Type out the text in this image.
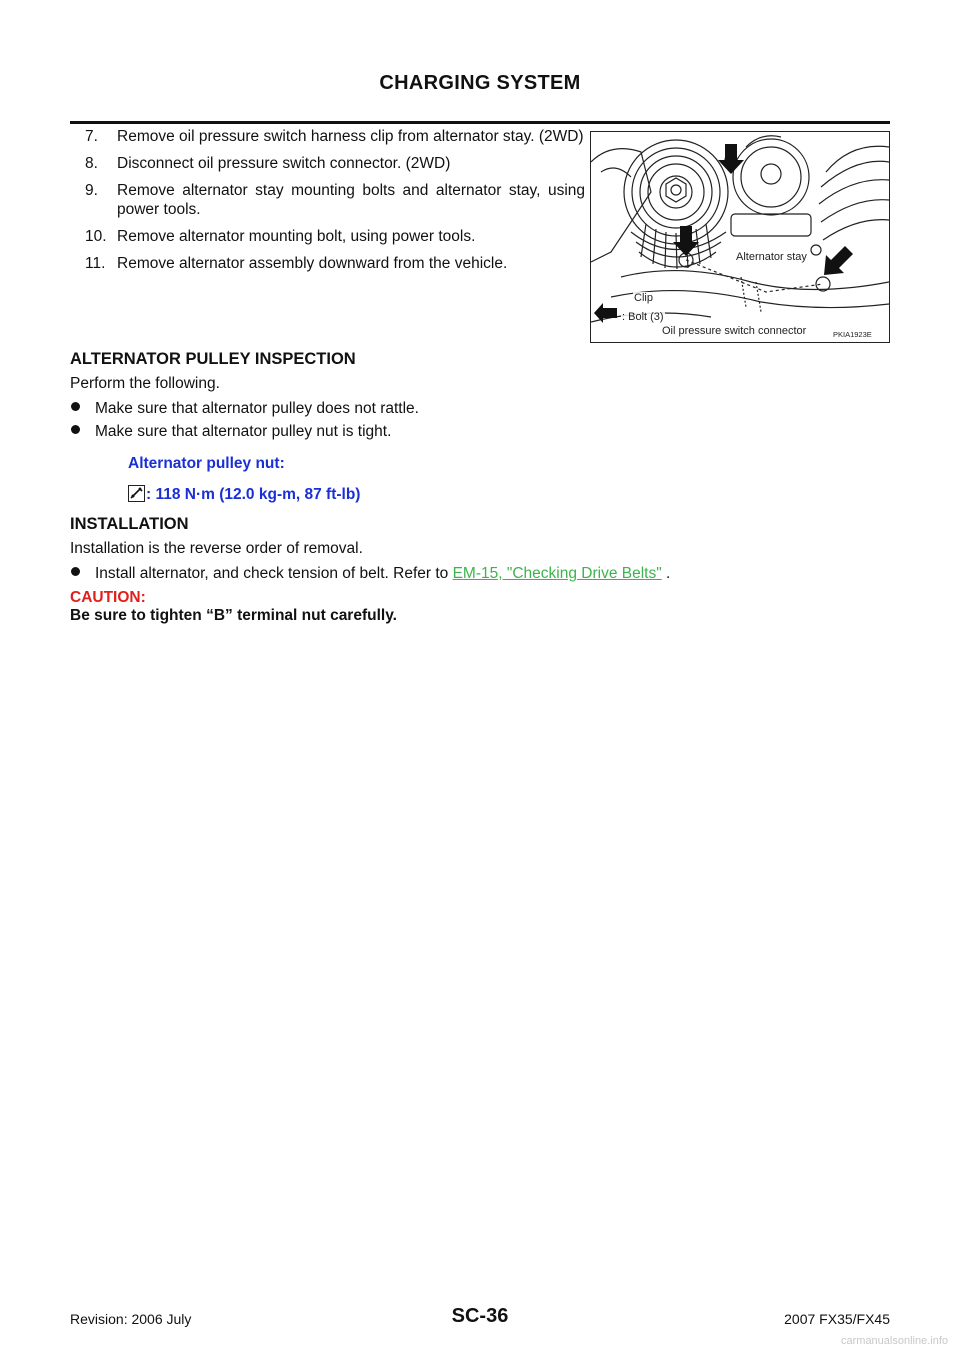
CHARGING SYSTEM
7.	Remove oil pressure switch harness clip from alternator stay. (2WD)
8.	Disconnect oil pressure switch connector. (2WD)
9.	Remove alternator stay mounting bolts and alternator stay, using power tools.
10. Remove alternator mounting bolt, using power tools.
11. Remove alternator assembly downward from the vehicle.	Alternator stay
Clip
: Bolt (3)
Oil pressure switch connector	PKIA1923E
ALTERNATOR PULLEY INSPECTION
Perform the following.
Make sure that alternator pulley does not rattle.
Make sure that alternator pulley nut is tight.
Alternator pulley nut:
: 118 N·m (12.0 kg-m, 87 ft-lb)
INSTALLATION
Installation is the reverse order of removal.
Install alternator, and check tension of belt. Refer to EM-15, "Checking Drive Belts" .
CAUTION:
Be sure to tighten “B” terminal nut carefully.
Revision: 2006 July	SC-36	2007 FX35/FX45
carmanualsonline.info
